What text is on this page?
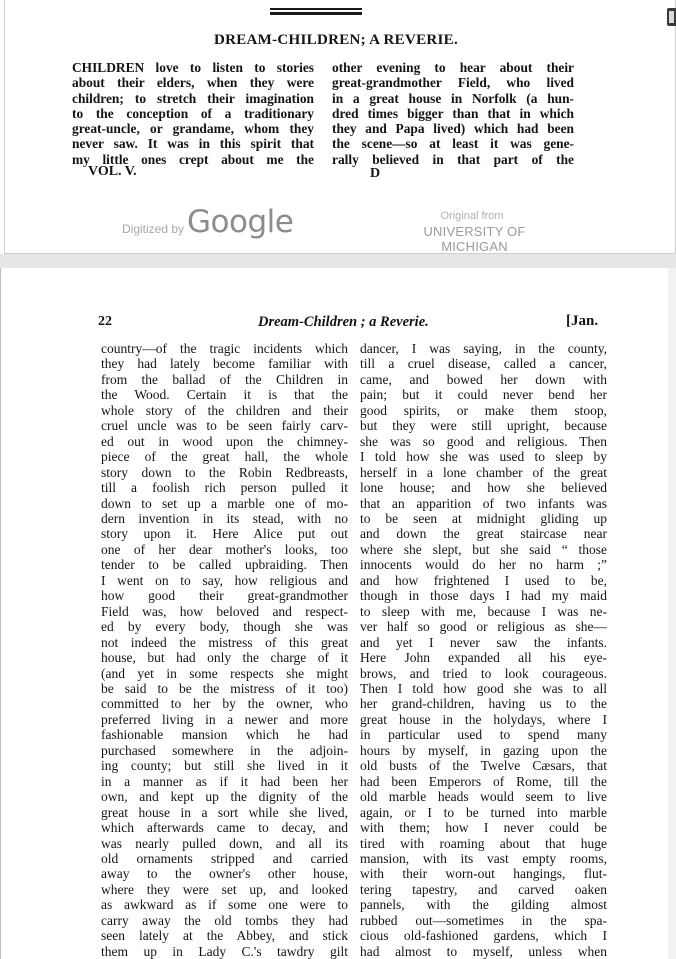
DREAM-CHILDREN; A REVERIE.
CHILDREN love to listen to stories
about their elders, when they were
children; to stretch their imagination
to the conception of a traditionary
great-uncle, or grandame, whom they
never saw. It was in this spirit that
my little ones crept about me the
other evening to hear about their
great-grandmother Field, who lived
in a great house in Norfolk (a hun-
dred times bigger than that in which
they and Papa lived) which had been
the scene—so at least it was gene-
rally believed in that part of the
VOL. V.	D
Digitized by Google	Original from
UNIVERSITY OF MICHIGAN
22	Dream-Children ; a Reverie.	[Jan.
country—of the tragic incidents which
they had lately become familiar with
from the ballad of the Children in
the Wood. Certain it is that the
whole story of the children and their
cruel uncle was to be seen fairly carv-
ed out in wood upon the chimney-
piece of the great hall, the whole
story down to the Robin Redbreasts,
till a foolish rich person pulled it
down to set up a marble one of mo-
dern invention in its stead, with no
story upon it. Here Alice put out
one of her dear mother's looks, too
tender to be called upbraiding. Then
I went on to say, how religious and
how good their great-grandmother
Field was, how beloved and respect-
ed by every body, though she was
not indeed the mistress of this great
house, but had only the charge of it
(and yet in some respects she might
be said to be the mistress of it too)
committed to her by the owner, who
preferred living in a newer and more
fashionable mansion which he had
purchased somewhere in the adjoin-
ing county; but still she lived in it
in a manner as if it had been her
own, and kept up the dignity of the
great house in a sort while she lived,
which afterwards came to decay, and
was nearly pulled down, and all its
old ornaments stripped and carried
away to the owner's other house,
where they were set up, and looked
as awkward as if some one were to
carry away the old tombs they had
seen lately at the Abbey, and stick
them up in Lady C.'s tawdry gilt
dancer, I was saying, in the county,
till a cruel disease, called a cancer,
came, and bowed her down with
pain; but it could never bend her
good spirits, or make them stoop,
but they were still upright, because
she was so good and religious. Then
I told how she was used to sleep by
herself in a lone chamber of the great
lone house; and how she believed
that an apparition of two infants was
to be seen at midnight gliding up
and down the great staircase near
where she slept, but she said “ those
innocents would do her no harm ;”
and how frightened I used to be,
though in those days I had my maid
to sleep with me, because I was ne-
ver half so good or religious as she—
and yet I never saw the infants.
Here John expanded all his eye-
brows, and tried to look courageous.
Then I told how good she was to all
her grand-children, having us to the
great house in the holydays, where I
in particular used to spend many
hours by myself, in gazing upon the
old busts of the Twelve Cæsars, that
had been Emperors of Rome, till the
old marble heads would seem to live
again, or I to be turned into marble
with them; how I never could be
tired with roaming about that huge
mansion, with its vast empty rooms,
with their worn-out hangings, flut-
tering tapestry, and carved oaken
pannels, with the gilding almost
rubbed out—sometimes in the spa-
cious old-fashioned gardens, which I
had almost to myself, unless when
